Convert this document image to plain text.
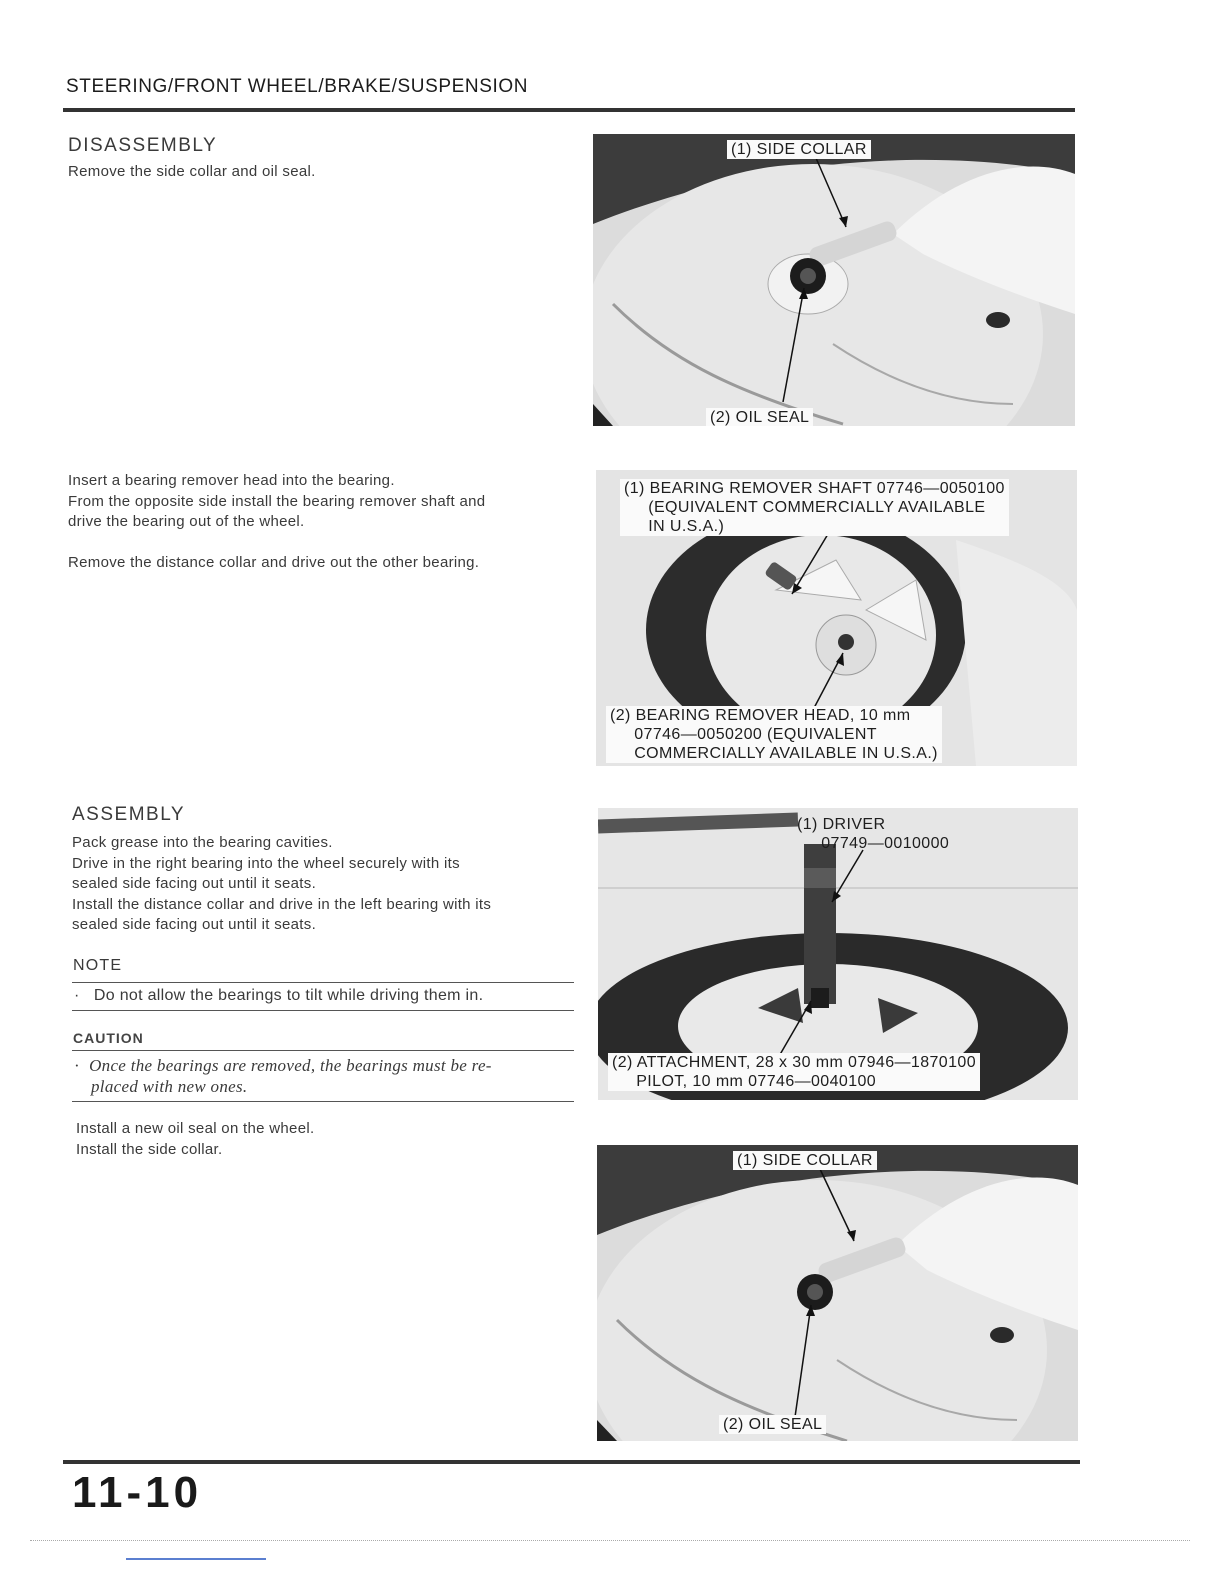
STEERING/FRONT WHEEL/BRAKE/SUSPENSION
DISASSEMBLY
Remove the side collar and oil seal.

Insert a bearing remover head into the bearing.

From the opposite side install the bearing remover shaft and

drive the bearing out of the wheel.

Remove the distance collar and drive out the other bearing.

ASSEMBLY

Pack grease into the bearing cavities.

Drive in the right bearing into the wheel securely with its

sealed side facing out until it seats.

Install the distance collar and drive in the left bearing with its

sealed side facing out until it seats.

NOTE
· Do not allow the bearings to tilt while driving them in.
CAUTION
· Once the bearings are removed, the bearings must be re-
placed with new ones.

Install a new oil seal on the wheel.

Install the side collar.

(1) SIDE COLLAR
(2) OIL SEAL
(1) BEARING REMOVER SHAFT 07746—0050100
(EQUIVALENT COMMERCIALLY AVAILABLE
IN U.S.A.)
(2) BEARING REMOVER HEAD, 10 mm
07746—0050200 (EQUIVALENT
COMMERCIALLY AVAILABLE IN U.S.A.)
(1) DRIVER
07749—0010000
(2) ATTACHMENT, 28 x 30 mm 07946—1870100
PILOT, 10 mm 07746—0040100
(1) SIDE COLLAR
(2) OIL SEAL
11-10
